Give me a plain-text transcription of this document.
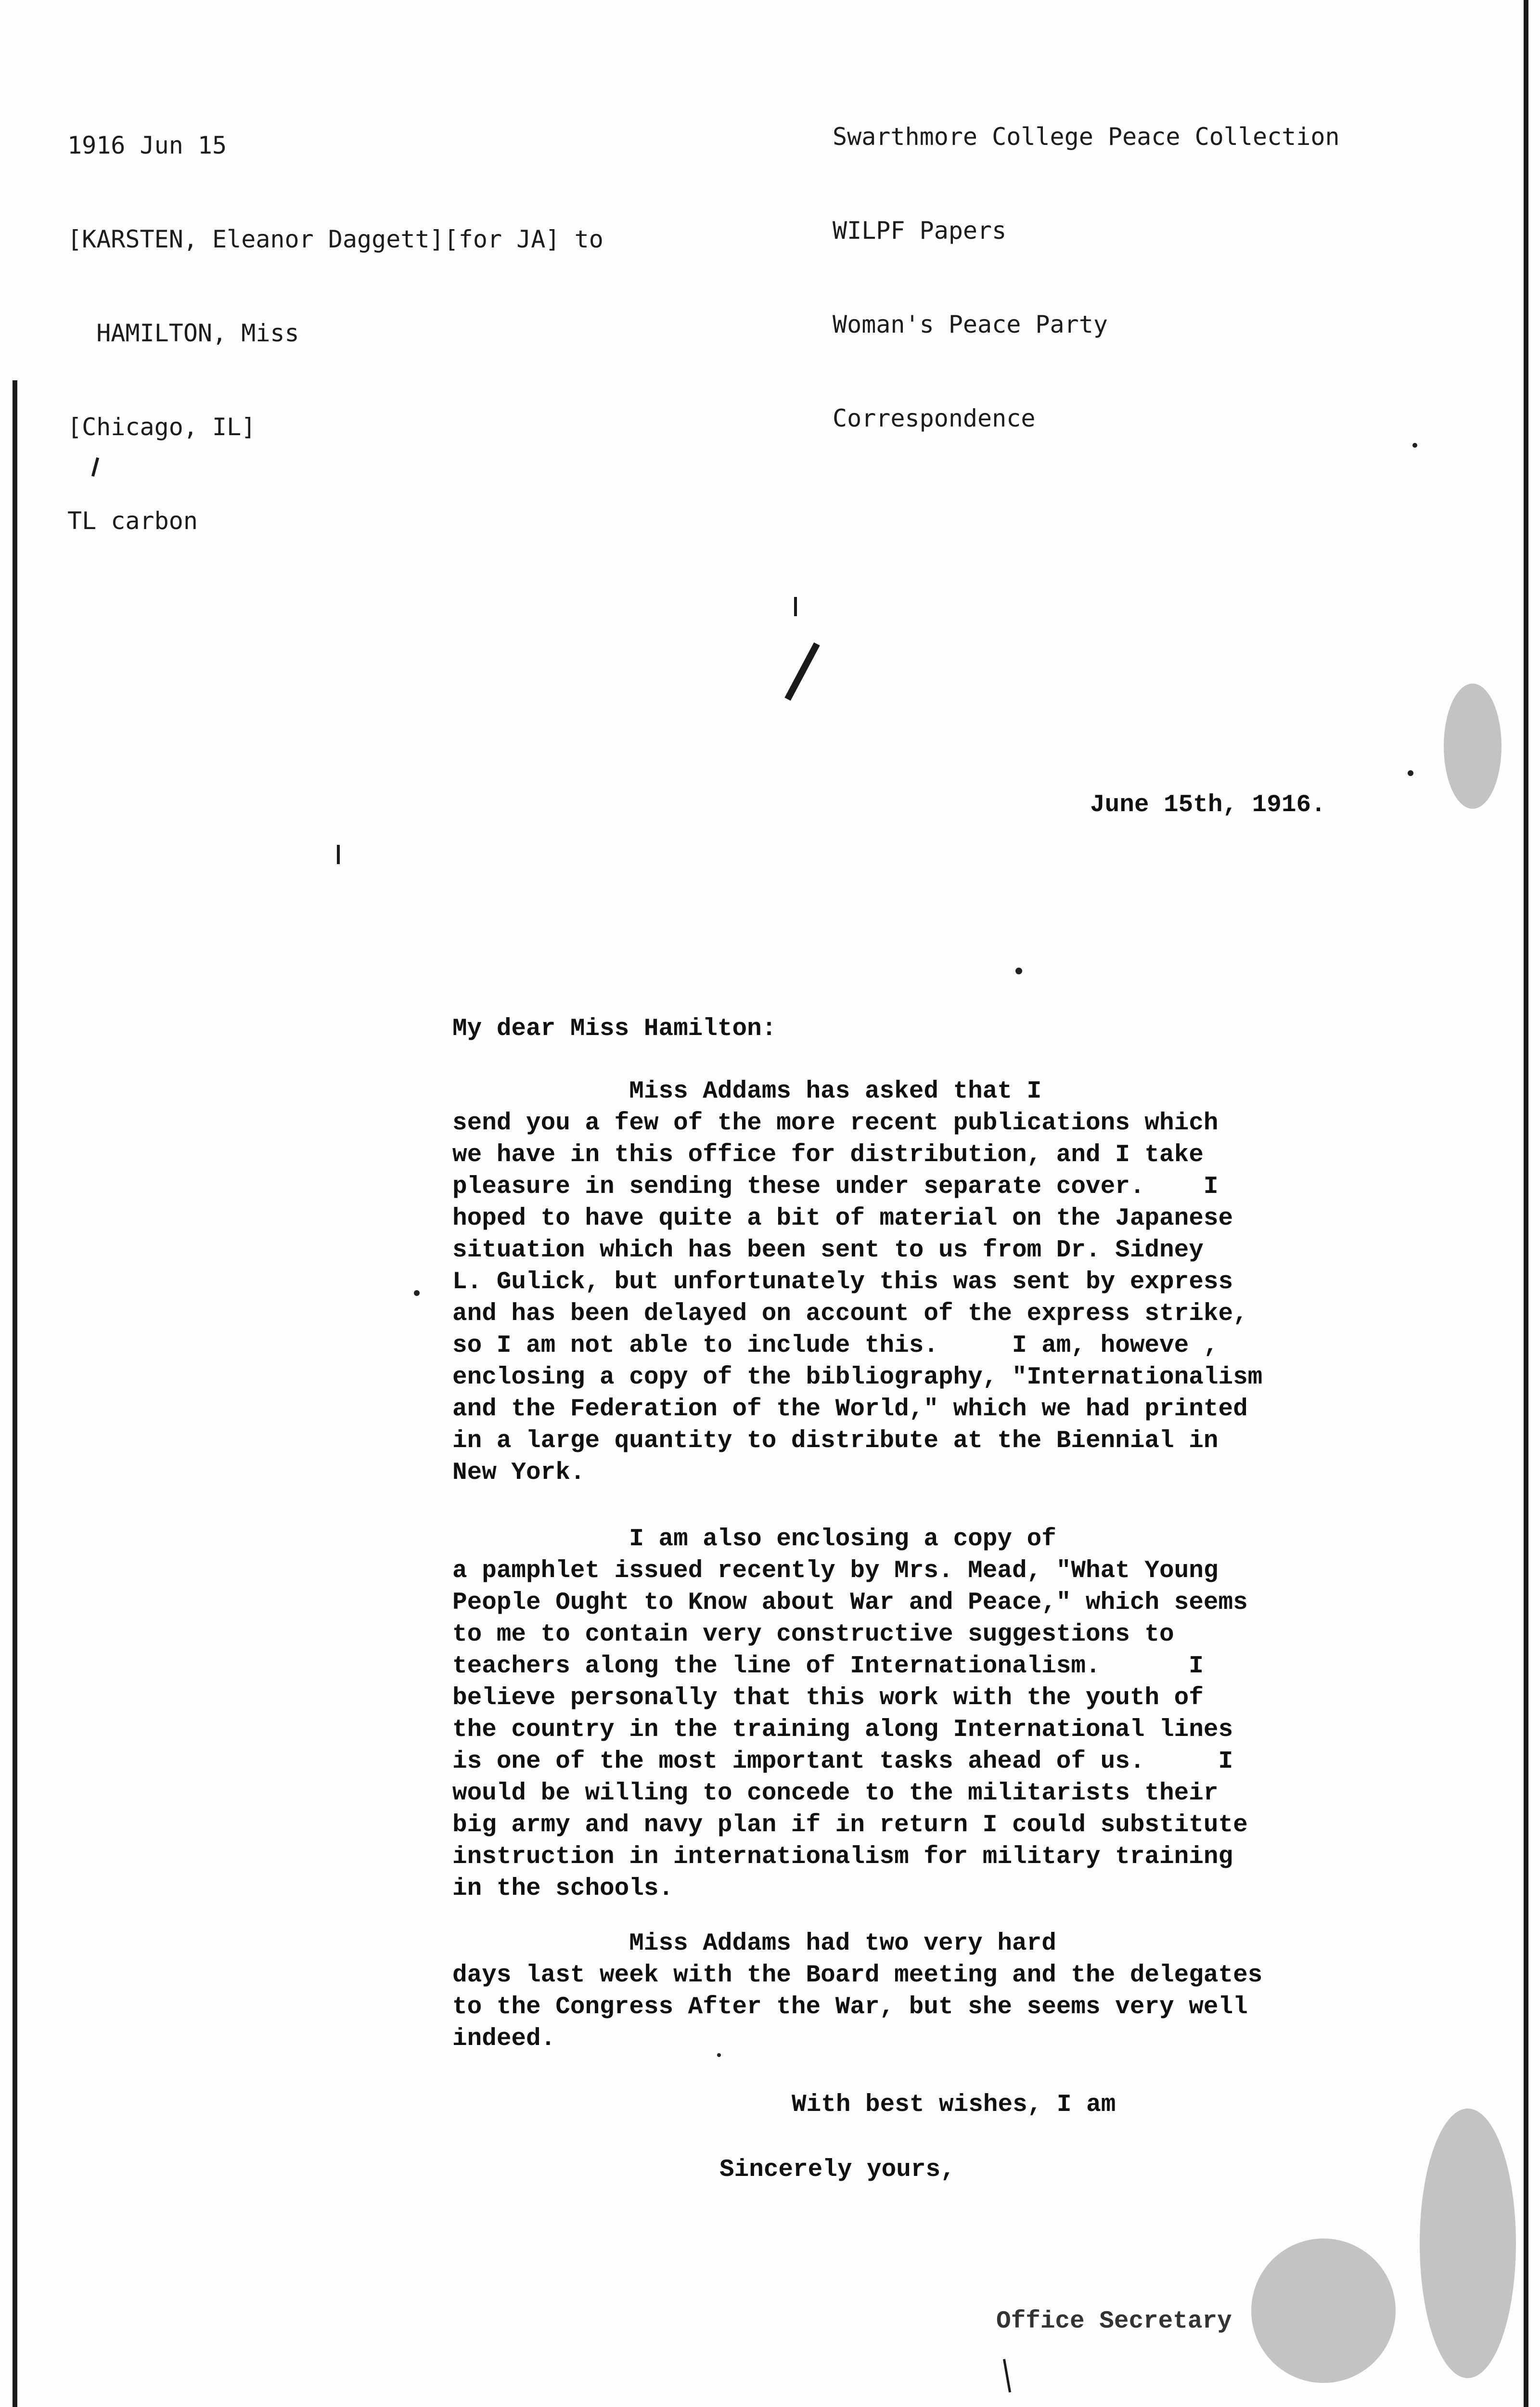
1916 Jun 15

[KARSTEN, Eleanor Daggett][for JA] to

HAMILTON, Miss

[Chicago, IL]

TL carbon

Swarthmore College Peace Collection

WILPF Papers

Woman's Peace Party

Correspondence

June 15th, 1916.
My dear Miss Hamilton:
Miss Addams has asked that I
send you a few of the more recent publications which
we have in this office for distribution, and I take
pleasure in sending these under separate cover.    I
hoped to have quite a bit of material on the Japanese
situation which has been sent to us from Dr. Sidney
L. Gulick, but unfortunately this was sent by express
and has been delayed on account of the express strike,
so I am not able to include this.     I am, howeve ,
enclosing a copy of the bibliography, "Internationalism
and the Federation of the World," which we had printed
in a large quantity to distribute at the Biennial in
New York.
I am also enclosing a copy of
a pamphlet issued recently by Mrs. Mead, "What Young
People Ought to Know about War and Peace," which seems
to me to contain very constructive suggestions to
teachers along the line of Internationalism.      I
believe personally that this work with the youth of
the country in the training along International lines
is one of the most important tasks ahead of us.     I
would be willing to concede to the militarists their
big army and navy plan if in return I could substitute
instruction in internationalism for military training
in the schools.
Miss Addams had two very hard
days last week with the Board meeting and the delegates
to the Congress After the War, but she seems very well
indeed.
With best wishes, I am
Sincerely yours,
Office Secretary
